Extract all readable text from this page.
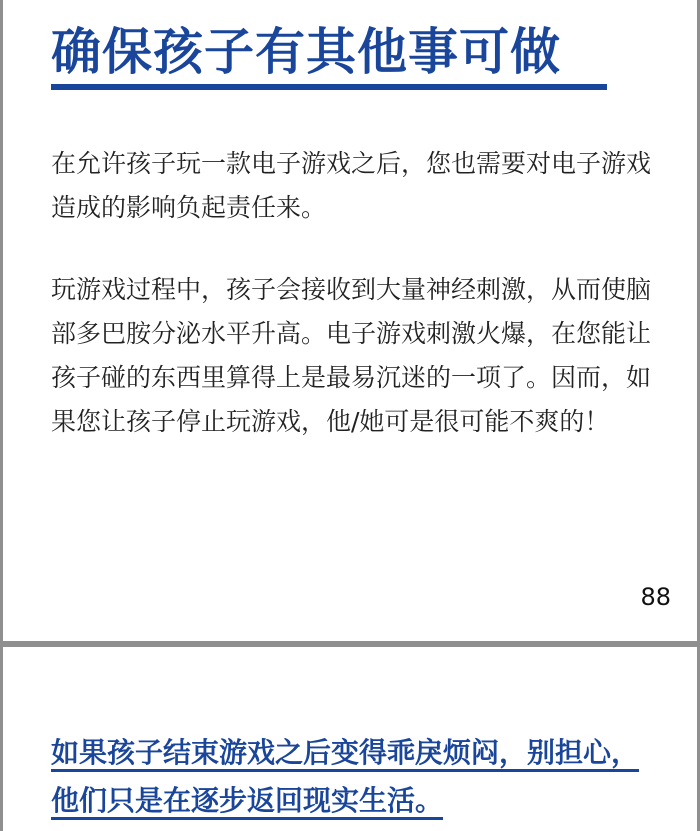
确保孩子有其他事可做

在允许孩子玩一款电子游戏之后，您也需要对电子游戏造成的影响负起责任来。

玩游戏过程中，孩子会接收到大量神经刺激，从而使脑部多巴胺分泌水平升高。电子游戏刺激火爆，在您能让孩子碰的东西里算得上是最易沉迷的一项了。因而，如果您让孩子停止玩游戏，他/她可是很可能不爽的！

88

如果孩子结束游戏之后变得乖戾烦闷，别担心，他们只是在逐步返回现实生活。
